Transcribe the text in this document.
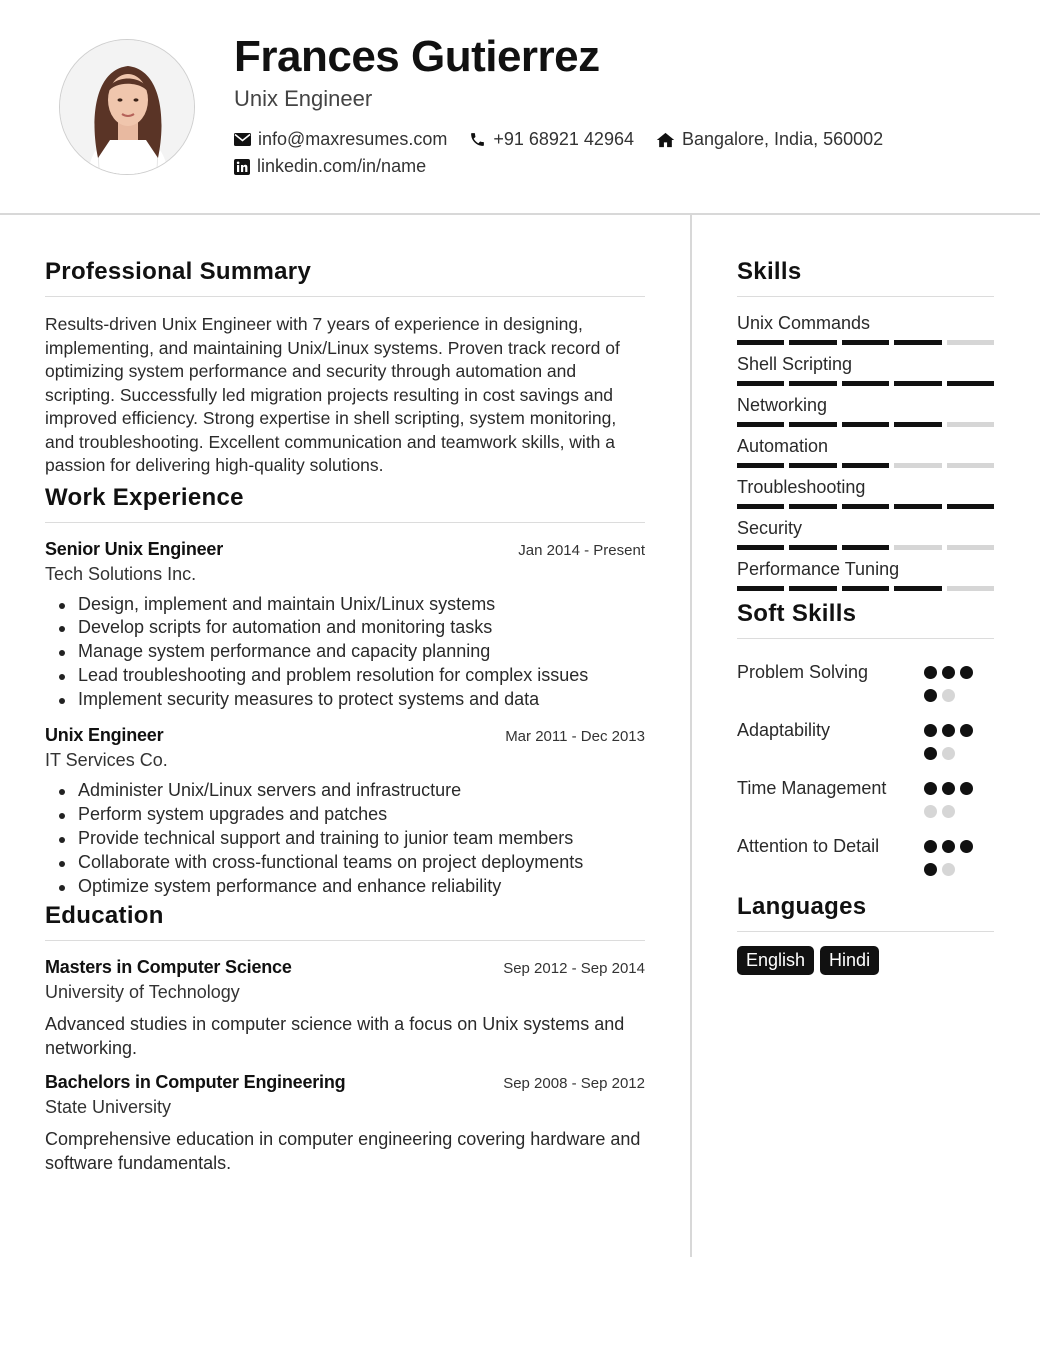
Frances Gutierrez
Unix Engineer
info@maxresumes.com	+91 68921 42964	Bangalore, India, 560002
linkedin.com/in/name
Professional Summary

Results-driven Unix Engineer with 7 years of experience in designing, implementing, and maintaining Unix/Linux systems. Proven track record of optimizing system performance and security through automation and scripting. Successfully led migration projects resulting in cost savings and improved efficiency. Strong expertise in shell scripting, system monitoring, and troubleshooting. Excellent communication and teamwork skills, with a passion for delivering high-quality solutions.

Work Experience
Senior Unix Engineer	Jan 2014 - Present
Tech Solutions Inc.
Design, implement and maintain Unix/Linux systems
Develop scripts for automation and monitoring tasks
Manage system performance and capacity planning
Lead troubleshooting and problem resolution for complex issues
Implement security measures to protect systems and data
Unix Engineer	Mar 2011 - Dec 2013
IT Services Co.
Administer Unix/Linux servers and infrastructure
Perform system upgrades and patches
Provide technical support and training to junior team members
Collaborate with cross-functional teams on project deployments
Optimize system performance and enhance reliability
Education
Masters in Computer Science	Sep 2012 - Sep 2014
University of Technology

Advanced studies in computer science with a focus on Unix systems and networking.

Bachelors in Computer Engineering	Sep 2008 - Sep 2012
State University

Comprehensive education in computer engineering covering hardware and software fundamentals.

Skills
Unix Commands
Shell Scripting
Networking
Automation
Troubleshooting
Security
Performance Tuning
Soft Skills
Problem Solving
Adaptability
Time Management
Attention to Detail
Languages
English	Hindi
